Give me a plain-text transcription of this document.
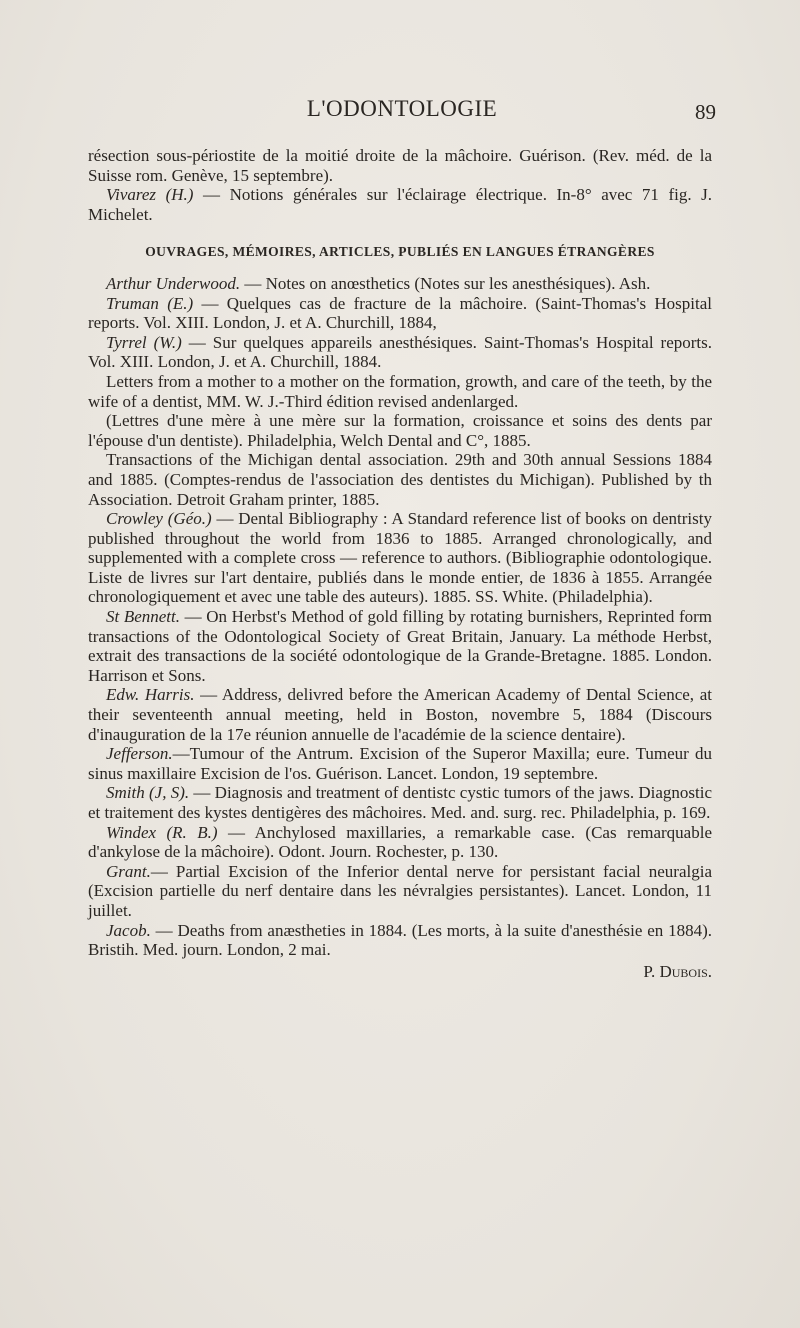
L'ODONTOLOGIE	89

résection sous-périostite de la moitié droite de la mâchoire. Guérison. (Rev. méd. de la Suisse rom. Genève, 15 septembre).

Vivarez (H.) — Notions générales sur l'éclairage électrique. In-8° avec 71 fig. J. Michelet.

OUVRAGES, MÉMOIRES, ARTICLES, PUBLIÉS EN LANGUES ÉTRANGÈRES

Arthur Underwood. — Notes on anœsthetics (Notes sur les anesthésiques). Ash.

Truman (E.) — Quelques cas de fracture de la mâchoire. (Saint-Thomas's Hospital reports. Vol. XIII. London, J. et A. Churchill, 1884,

Tyrrel (W.) — Sur quelques appareils anesthésiques. Saint-Thomas's Hospital reports. Vol. XIII. London, J. et A. Churchill, 1884.

Letters from a mother to a mother on the formation, growth, and care of the teeth, by the wife of a dentist, MM. W. J.-Third édition revised andenlarged.

(Lettres d'une mère à une mère sur la formation, croissance et soins des dents par l'épouse d'un dentiste). Philadelphia, Welch Dental and C°, 1885.

Transactions of the Michigan dental association. 29th and 30th annual Sessions 1884 and 1885. (Comptes-rendus de l'association des dentistes du Michigan). Published by th Association. Detroit Graham printer, 1885.

Crowley (Géo.) — Dental Bibliography : A Standard reference list of books on dentristy published throughout the world from 1836 to 1885. Arranged chronologically, and supplemented with a complete cross — reference to authors. (Bibliographie odontologique. Liste de livres sur l'art dentaire, publiés dans le monde entier, de 1836 à 1855. Arrangée chronologiquement et avec une table des auteurs). 1885. SS. White. (Philadelphia).

St Bennett. — On Herbst's Method of gold filling by rotating burnishers, Reprinted form transactions of the Odontological Society of Great Britain, January. La méthode Herbst, extrait des transactions de la société odontologique de la Grande-Bretagne. 1885. London. Harrison et Sons.

Edw. Harris. — Address, delivred before the American Academy of Dental Science, at their seventeenth annual meeting, held in Boston, novembre 5, 1884 (Discours d'inauguration de la 17e réunion annuelle de l'académie de la science dentaire).

Jefferson.—Tumour of the Antrum. Excision of the Superor Maxilla; eure. Tumeur du sinus maxillaire Excision de l'os. Guérison. Lancet. London, 19 septembre.

Smith (J, S). — Diagnosis and treatment of dentistc cystic tumors of the jaws. Diagnostic et traitement des kystes dentigères des mâchoires. Med. and. surg. rec. Philadelphia, p. 169.

Windex (R. B.) — Anchylosed maxillaries, a remarkable case. (Cas remarquable d'ankylose de la mâchoire). Odont. Journ. Rochester, p. 130.

Grant.— Partial Excision of the Inferior dental nerve for persistant facial neuralgia (Excision partielle du nerf dentaire dans les névralgies persistantes). Lancet. London, 11 juillet.

Jacob. — Deaths from anæstheties in 1884. (Les morts, à la suite d'anesthésie en 1884). Bristih. Med. journ. London, 2 mai.

P. Dubois.
